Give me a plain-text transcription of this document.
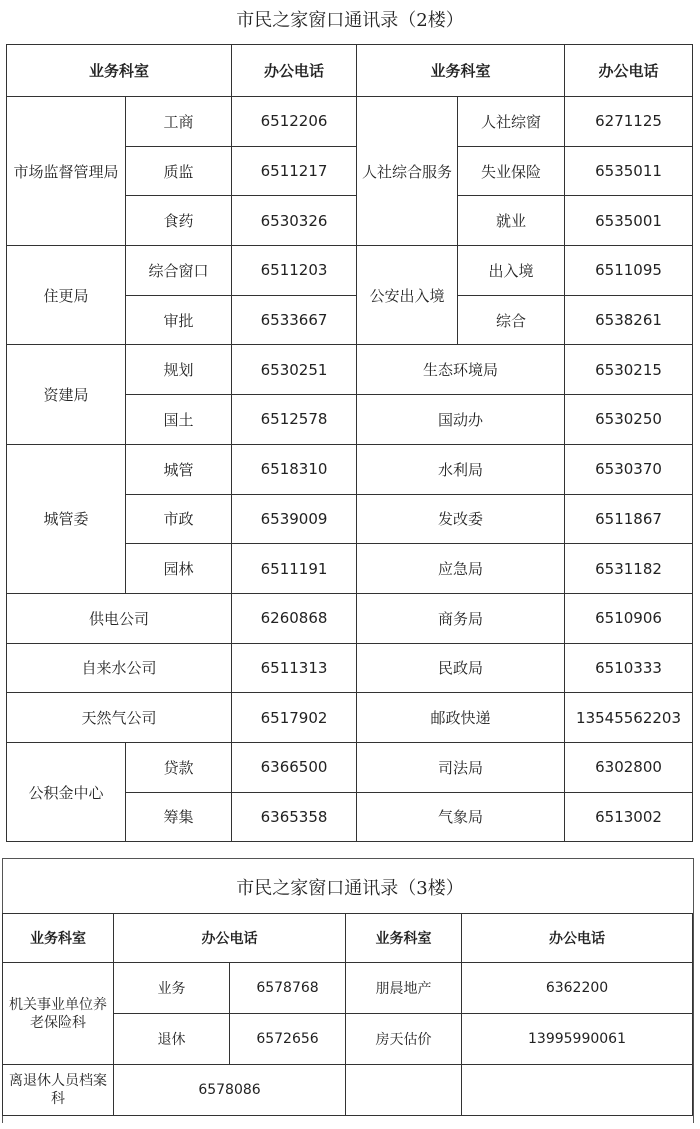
市民之家窗口通讯录（2楼）
业务科室		办公电话	业务科室		办公电话
市场监督管理局	工商	6512206	人社综合服务	人社综窗	6271125
	质监	6511217		失业保险	6535011
	食药	6530326		就业	6535001
住更局	综合窗口	6511203	公安出入境	出入境	6511095
	审批	6533667		综合	6538261
资建局	规划	6530251	生态环境局		6530215
	国土	6512578	国动办		6530250
城管委	城管	6518310	水利局		6530370
	市政	6539009	发改委		6511867
	园林	6511191	应急局		6531182
供电公司		6260868	商务局		6510906
自来水公司		6511313	民政局		6510333
天然气公司		6517902	邮政快递		13545562203
公积金中心	贷款	6366500	司法局		6302800
	筹集	6365358	气象局		6513002
市民之家窗口通讯录（3楼）
业务科室	办公电话		业务科室	办公电话
机关事业单位养老保险科	业务	6578768	朋晨地产	6362200
	退休	6572656	房天估价	13995990061
离退休人员档案科	6578086			
